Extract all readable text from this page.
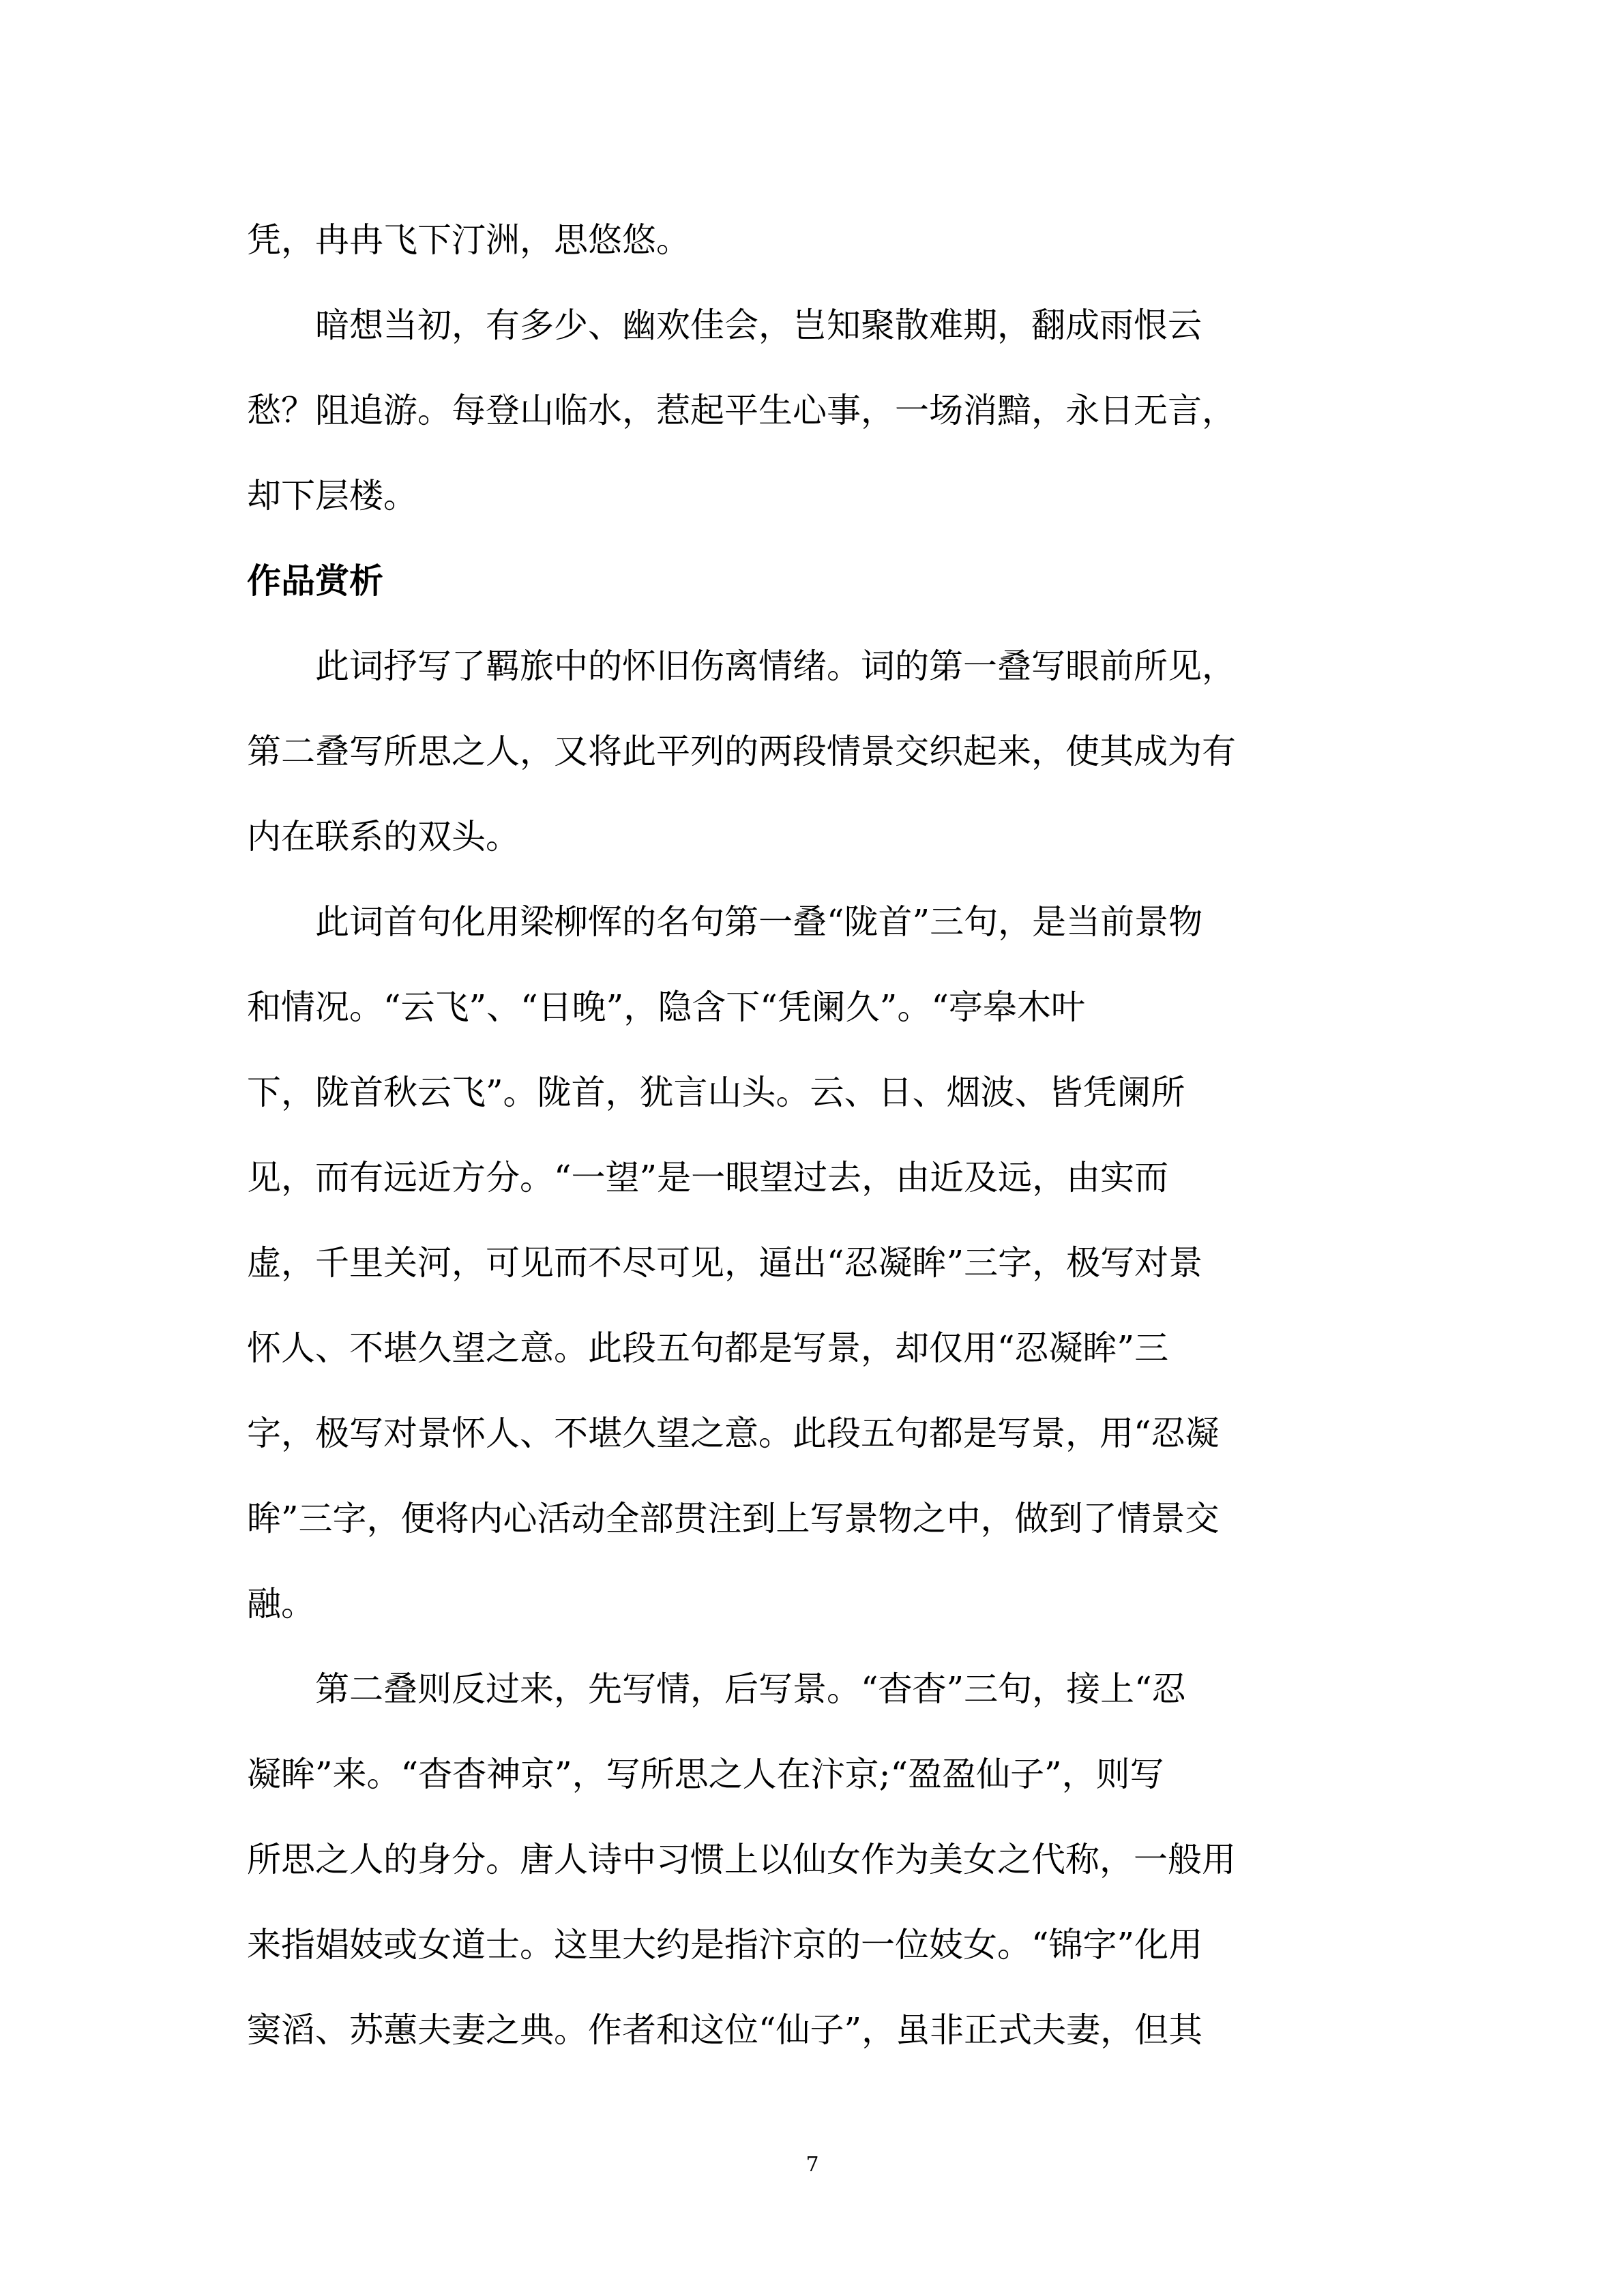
凭，冉冉飞下汀洲，思悠悠。
　　暗想当初，有多少、幽欢佳会，岂知聚散难期，翻成雨恨云
愁？阻追游。每登山临水，惹起平生心事，一场消黯，永日无言，
却下层楼。
作品赏析
　　此词抒写了羁旅中的怀旧伤离情绪。词的第一叠写眼前所见，
第二叠写所思之人，又将此平列的两段情景交织起来，使其成为有
内在联系的双头。
　　此词首句化用梁柳恽的名句第一叠“陇首”三句，是当前景物
和情况。“云飞”、“日晚”，隐含下“凭阑久”。“亭皋木叶
下，陇首秋云飞”。陇首，犹言山头。云、日、烟波、皆凭阑所
见，而有远近方分。“一望”是一眼望过去，由近及远，由实而
虚，千里关河，可见而不尽可见，逼出“忍凝眸”三字，极写对景
怀人、不堪久望之意。此段五句都是写景，却仅用“忍凝眸”三
字，极写对景怀人、不堪久望之意。此段五句都是写景，用“忍凝
眸”三字，便将内心活动全部贯注到上写景物之中，做到了情景交
融。
　　第二叠则反过来，先写情，后写景。“杳杳”三句，接上“忍
凝眸”来。“杳杳神京”，写所思之人在汴京;“盈盈仙子”，则写
所思之人的身分。唐人诗中习惯上以仙女作为美女之代称，一般用
来指娼妓或女道士。这里大约是指汴京的一位妓女。“锦字”化用
窦滔、苏蕙夫妻之典。作者和这位“仙子”，虽非正式夫妻，但其
7
